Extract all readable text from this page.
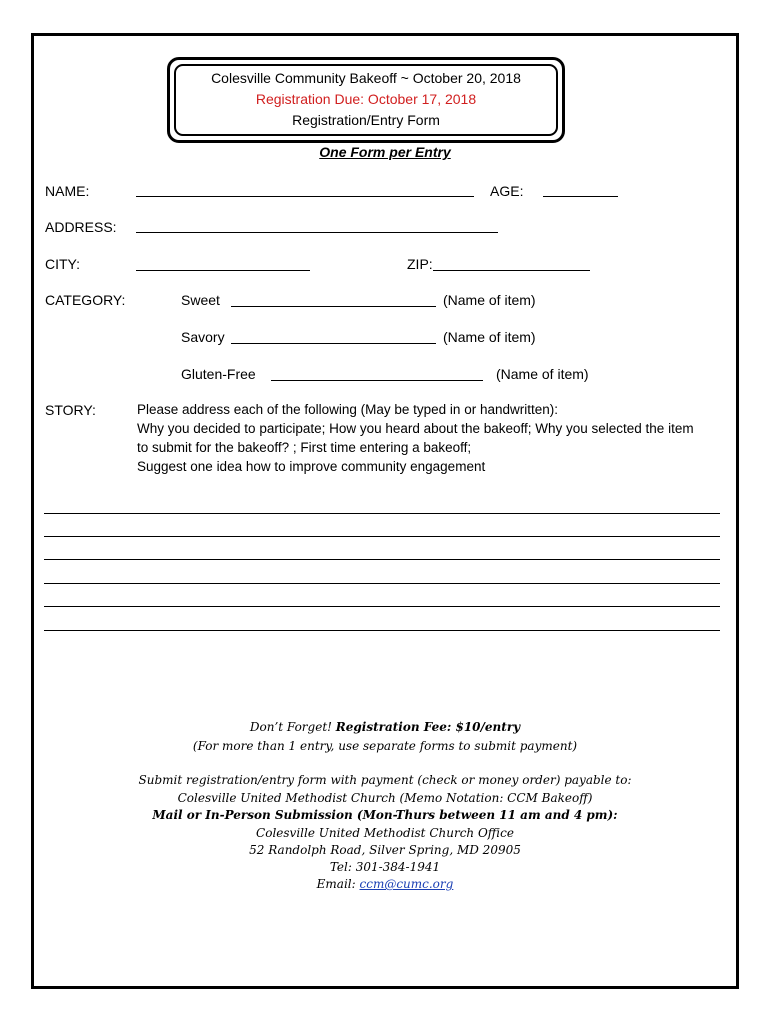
Colesville Community Bakeoff ~ October 20, 2018
Registration Due: October 17, 2018
Registration/Entry Form
One Form per Entry
NAME:	AGE:
ADDRESS:
CITY:	ZIP:
CATEGORY:	Sweet	(Name of item)
Savory	(Name of item)
Gluten-Free	(Name of item)
STORY:	Please address each of the following (May be typed in or handwritten):
Why you decided to participate; How you heard about the bakeoff; Why you selected the item
to submit for the bakeoff? ; First time entering a bakeoff;
Suggest one idea how to improve community engagement
Don’t Forget! Registration Fee: $10/entry
(For more than 1 entry, use separate forms to submit payment)
Submit registration/entry form with payment (check or money order) payable to:
Colesville United Methodist Church (Memo Notation: CCM Bakeoff)
Mail or In-Person Submission (Mon-Thurs between 11 am and 4 pm):
Colesville United Methodist Church Office
52 Randolph Road, Silver Spring, MD 20905
Tel: 301-384-1941
Email: ccm@cumc.org
